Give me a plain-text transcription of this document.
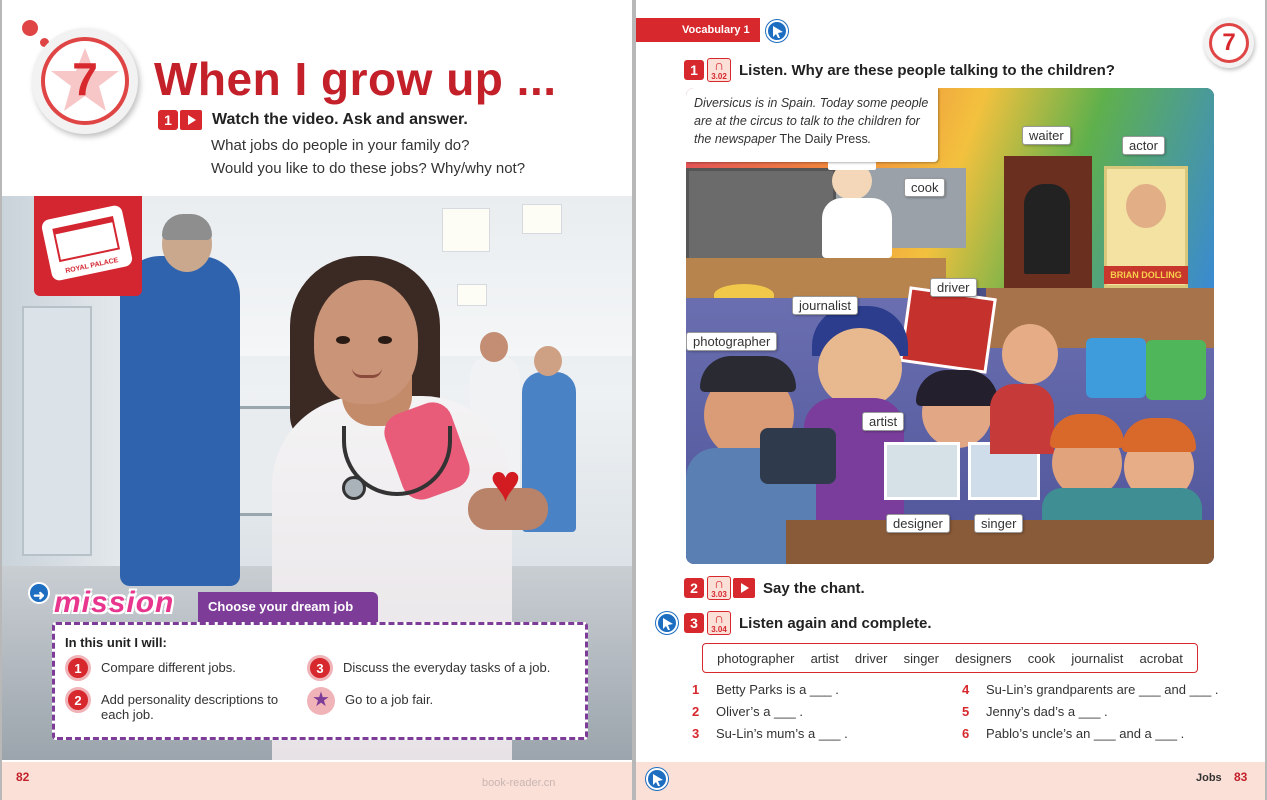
7	When I grow up ...
1	Watch the video. Ask and answer.
What jobs do people in your family do?
Would you like to do these jobs? Why/why not?
♥
ROYAL PALACE
➜ mission	Choose your dream job
In this unit I will:
1	Compare different jobs.
2	Add personality descriptions to each job.
3	Discuss the everyday tasks of a job.
★	Go to a job fair.
82	book-reader.cn
Vocabulary 1	7
1	∩ 3.02 Listen. Why are these people talking to the children?
BRIAN DOLLING
Diversicus is in Spain. Today some people are at the circus to talk to the children for the newspaper The Daily Press.	waiter
actor
cook
driver
journalist
photographer
artist
designer	singer
2	∩ 3.03 Say the chant.
3	∩ 3.04 Listen again and complete.
photographer artist driver singer designers cook journalist acrobat
1	Betty Parks is a ___ .
2	Oliver’s a ___ .
3	Su-Lin’s mum’s a ___ .
4	Su-Lin’s grandparents are ___ and ___ .
5	Jenny’s dad’s a ___ .
6	Pablo’s uncle’s an ___ and a ___ .
Jobs 83
